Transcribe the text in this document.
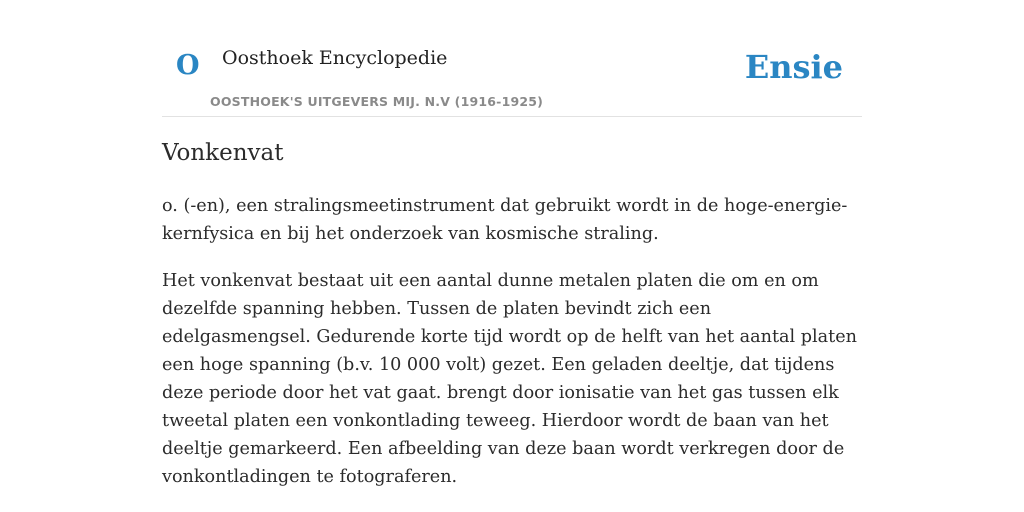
O Oosthoek Encyclopedie	Ensie
OOSTHOEK'S UITGEVERS MIJ. N.V (1916-1925)
Vonkenvat

o. (-en), een stralingsmeetinstrument dat gebruikt wordt in de hoge-energie-kernfysica en bij het onderzoek van kosmische straling.

Het vonkenvat bestaat uit een aantal dunne metalen platen die om en om dezelfde spanning hebben. Tussen de platen bevindt zich een edelgasmengsel. Gedurende korte tijd wordt op de helft van het aantal platen een hoge spanning (b.v. 10 000 volt) gezet. Een geladen deeltje, dat tijdens deze periode door het vat gaat. brengt door ionisatie van het gas tussen elk tweetal platen een vonkontlading teweeg. Hierdoor wordt de baan van het deeltje gemarkeerd. Een afbeelding van deze baan wordt verkregen door de vonkontladingen te fotograferen.
